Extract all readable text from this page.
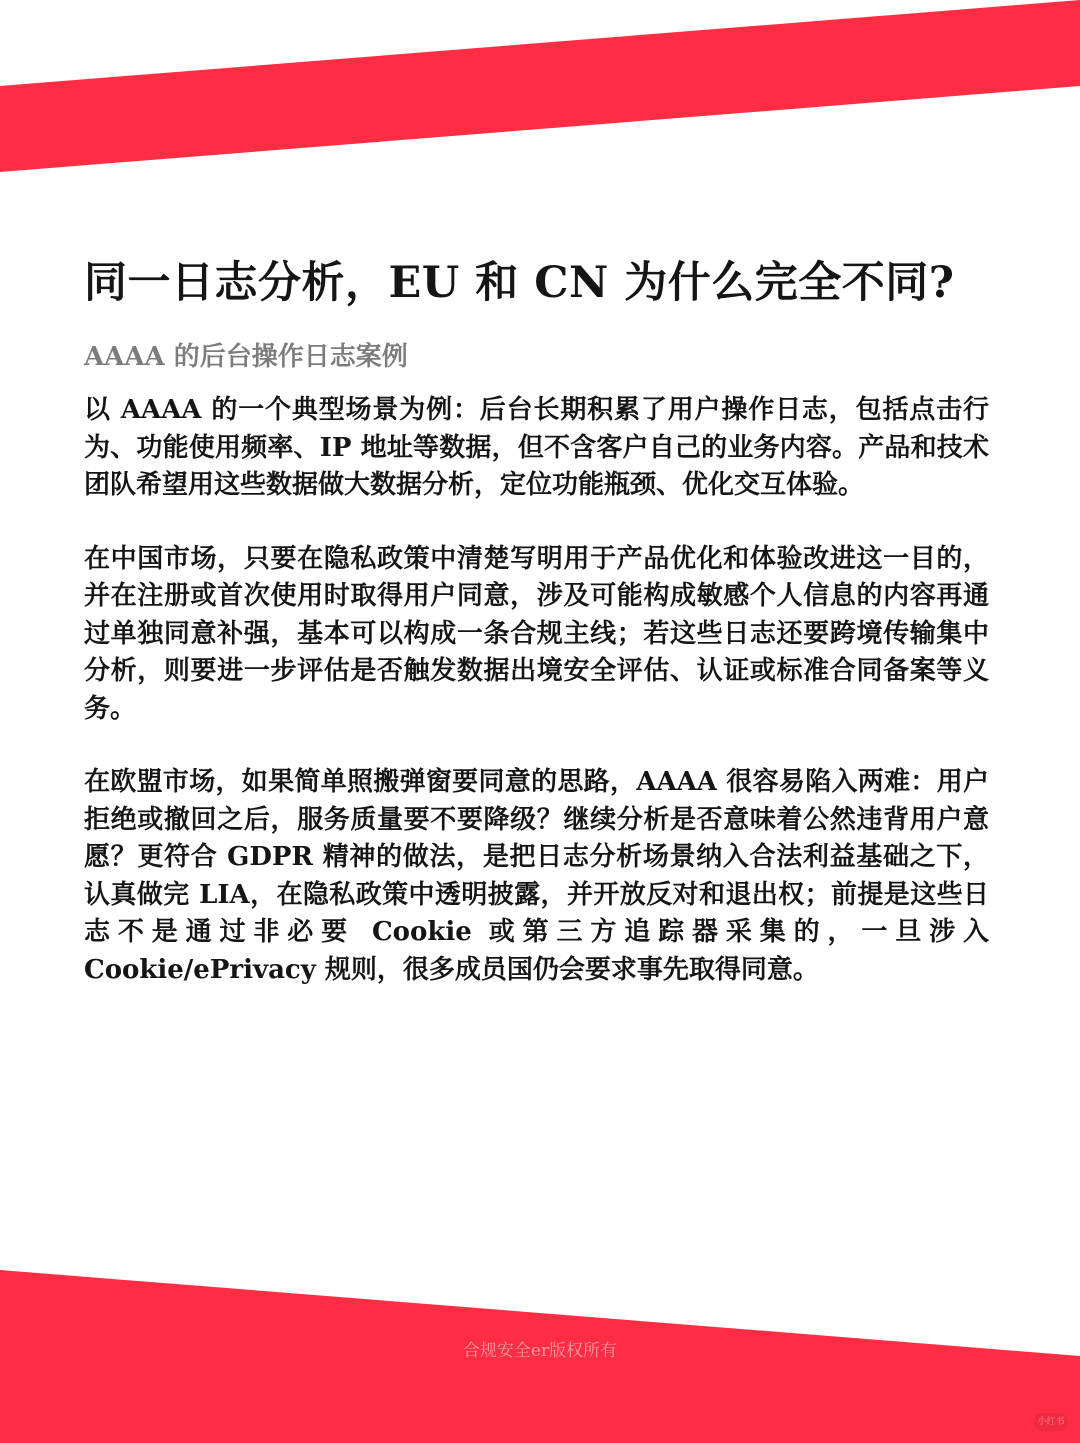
同一日志分析，EU 和 CN 为什么完全不同?
AAAA 的后台操作日志案例

以 AAAA 的一个典型场景为例：后台长期积累了用户操作日志，包括点击行为、功能使用频率、IP 地址等数据，但不含客户自己的业务内容。产品和技术团队希望用这些数据做大数据分析，定位功能瓶颈、优化交互体验。

在中国市场，只要在隐私政策中清楚写明用于产品优化和体验改进这一目的，并在注册或首次使用时取得用户同意，涉及可能构成敏感个人信息的内容再通过单独同意补强，基本可以构成一条合规主线；若这些日志还要跨境传输集中分析，则要进一步评估是否触发数据出境安全评估、认证或标准合同备案等义务。

在欧盟市场，如果简单照搬弹窗要同意的思路，AAAA 很容易陷入两难：用户拒绝或撤回之后，服务质量要不要降级？继续分析是否意味着公然违背用户意愿？更符合 GDPR 精神的做法，是把日志分析场景纳入合法利益基础之下，认真做完 LIA，在隐私政策中透明披露，并开放反对和退出权；前提是这些日志不是通过非必要 Cookie 或第三方追踪器采集的，一旦涉入 Cookie/ePrivacy 规则，很多成员国仍会要求事先取得同意。

合规安全er版权所有
小红书
